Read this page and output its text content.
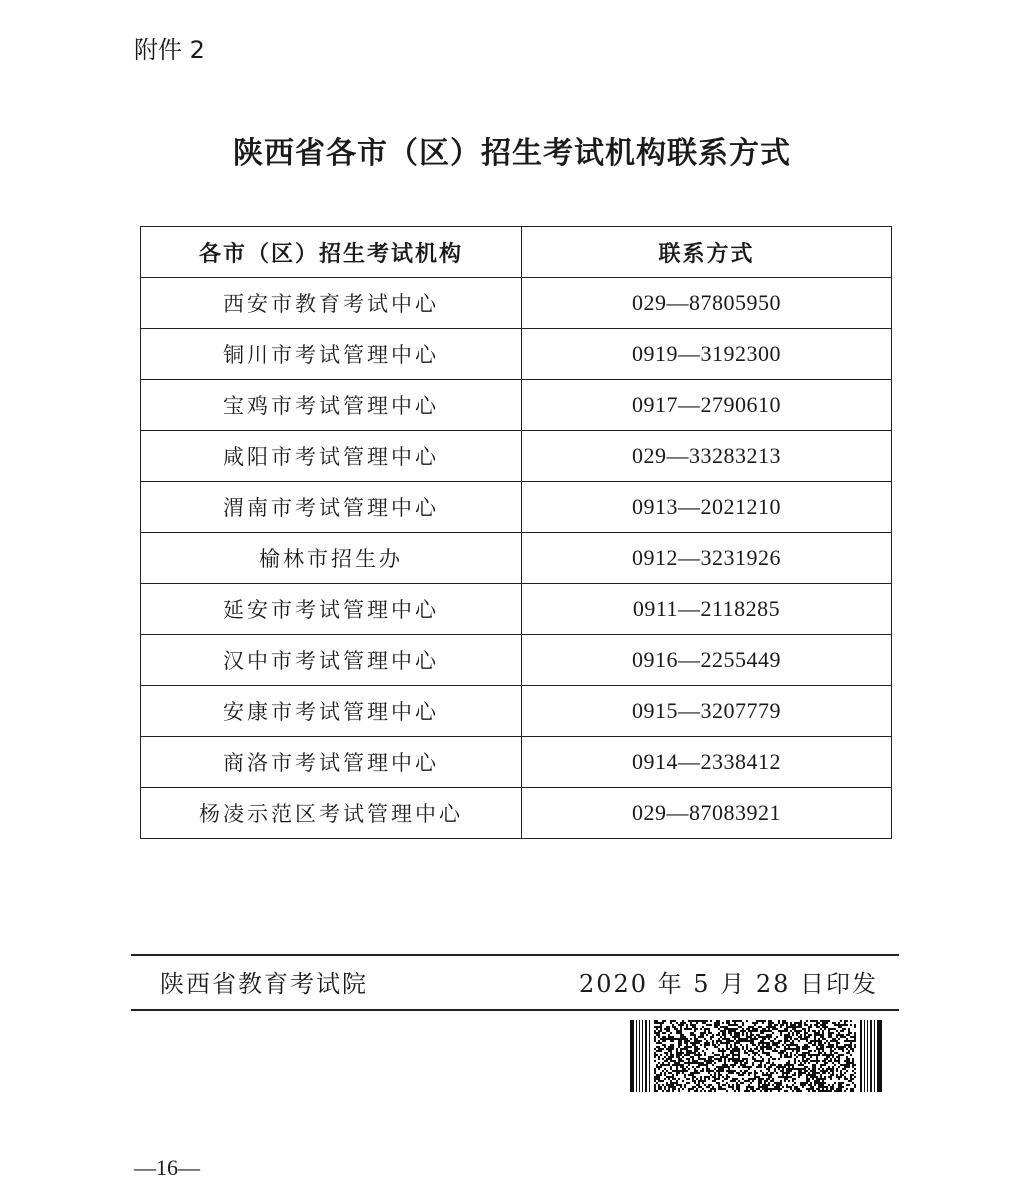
附件 2
陕西省各市（区）招生考试机构联系方式
各市（区）招生考试机构	联系方式
西安市教育考试中心	029—87805950
铜川市考试管理中心	0919—3192300
宝鸡市考试管理中心	0917—2790610
咸阳市考试管理中心	029—33283213
渭南市考试管理中心	0913—2021210
榆林市招生办	0912—3231926
延安市考试管理中心	0911—2118285
汉中市考试管理中心	0916—2255449
安康市考试管理中心	0915—3207779
商洛市考试管理中心	0914—2338412
杨凌示范区考试管理中心	029—87083921
陕西省教育考试院	2020 年 5 月 28 日印发
—16—
